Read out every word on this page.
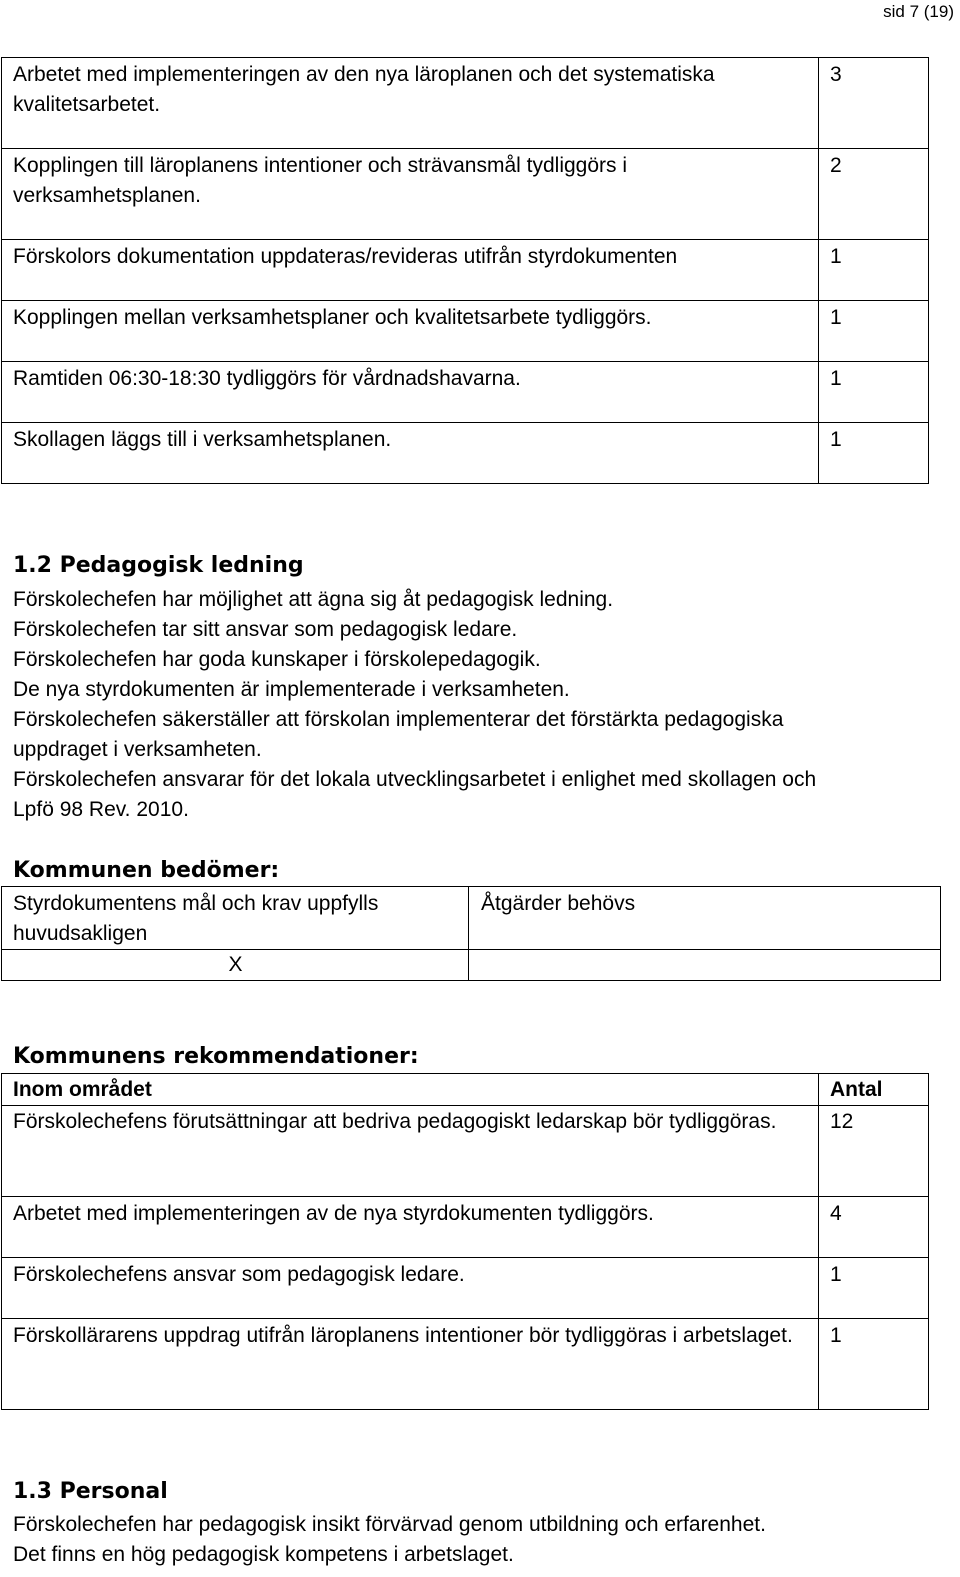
sid 7 (19)
Arbetet med implementeringen av den nya läroplanen och det systematiska kvalitetsarbetet.	3
Kopplingen till läroplanens intentioner och strävansmål tydliggörs i verksamhetsplanen.	2
Förskolors dokumentation uppdateras/revideras utifrån styrdokumenten	1
Kopplingen mellan verksamhetsplaner och kvalitetsarbete tydliggörs.	1
Ramtiden 06:30-18:30 tydliggörs för vårdnadshavarna.	1
Skollagen läggs till i verksamhetsplanen.	1
1.2 Pedagogisk ledning
Förskolechefen har möjlighet att ägna sig åt pedagogisk ledning.
Förskolechefen tar sitt ansvar som pedagogisk ledare.
Förskolechefen har goda kunskaper i förskolepedagogik.
De nya styrdokumenten är implementerade i verksamheten.
Förskolechefen säkerställer att förskolan implementerar det förstärkta pedagogiska
uppdraget i verksamheten.
Förskolechefen ansvarar för det lokala utvecklingsarbetet i enlighet med skollagen och
Lpfö 98 Rev. 2010.
Kommunen bedömer:
Styrdokumentens mål och krav uppfylls huvudsakligen	Åtgärder behövs
X	
Kommunens rekommendationer:
Inom området	Antal
Förskolechefens förutsättningar att bedriva pedagogiskt ledarskap bör tydliggöras.	12
Arbetet med implementeringen av de nya styrdokumenten tydliggörs.	4
Förskolechefens ansvar som pedagogisk ledare.	1
Förskollärarens uppdrag utifrån läroplanens intentioner bör tydliggöras i arbetslaget.	1
1.3 Personal
Förskolechefen har pedagogisk insikt förvärvad genom utbildning och erfarenhet.
Det finns en hög pedagogisk kompetens i arbetslaget.
